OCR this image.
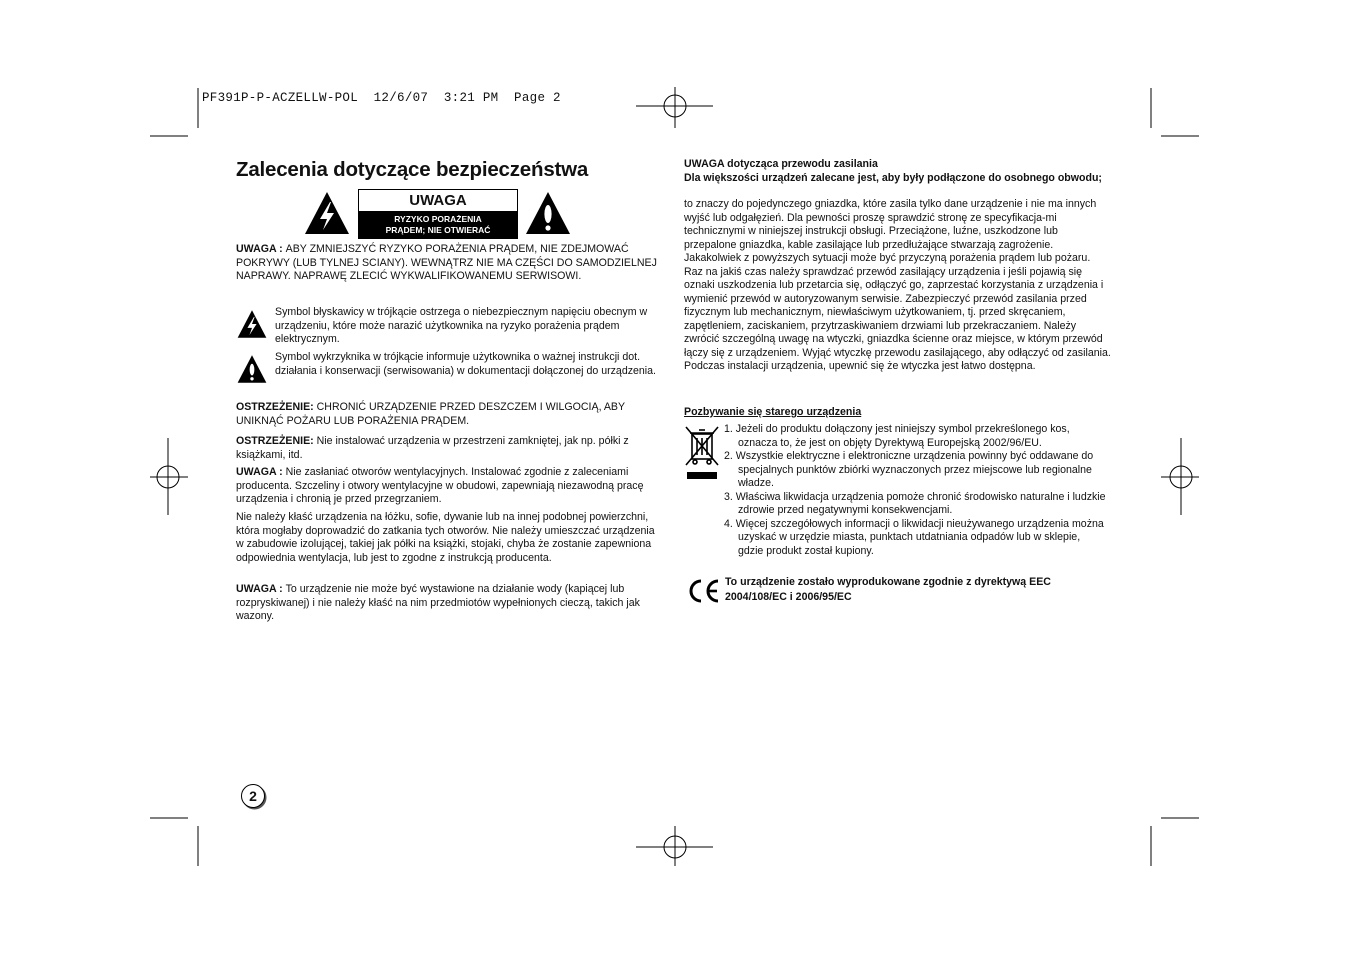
PF391P-P-ACZELLW-POL  12/6/07  3:21 PM  Page 2
Zalecenia dotyczące bezpieczeństwa
UWAGA
RYZYKO PORAŻENIA
PRĄDEM; NIE OTWIERAĆ
UWAGA : ABY ZMNIEJSZYĆ RYZYKO PORAŻENIA PRĄDEM, NIE ZDEJMOWAĆ POKRYWY (LUB TYLNEJ SCIANY). WEWNĄTRZ NIE MA CZĘŚCI DO SAMODZIELNEJ NAPRAWY. NAPRAWĘ ZLECIĆ WYKWALIFIKOWANEMU SERWISOWI.
Symbol błyskawicy w trójkącie ostrzega o niebezpiecznym napięciu obecnym w urządzeniu, które może narazić użytkownika na ryzyko porażenia prądem elektrycznym.
Symbol wykrzyknika w trójkącie informuje użytkownika o ważnej instrukcji dot. działania i konserwacji (serwisowania) w dokumentacji dołączonej do urządzenia.
OSTRZEŻENIE: CHRONIĆ URZĄDZENIE PRZED DESZCZEM I WILGOCIĄ, ABY UNIKNĄĆ POŻARU LUB PORAŻENIA PRĄDEM.
OSTRZEŻENIE: Nie instalować urządzenia w przestrzeni zamkniętej, jak np. półki z książkami, itd.
UWAGA : Nie zasłaniać otworów wentylacyjnych. Instalować zgodnie z zaleceniami producenta. Szczeliny i otwory wentylacyjne w obudowi, zapewniają niezawodną pracę urządzenia i chronią je przed przegrzaniem.
Nie należy kłaść urządzenia na łóżku, sofie, dywanie lub na innej podobnej powierzchni, która mogłaby doprowadzić do zatkania tych otworów. Nie należy umieszczać urządzenia w zabudowie izolującej, takiej jak półki na książki, stojaki, chyba że zostanie zapewniona odpowiednia wentylacja, lub jest to zgodne z instrukcją producenta.
UWAGA : To urządzenie nie może być wystawione na działanie wody (kapiącej lub rozpryskiwanej) i nie należy kłaść na nim przedmiotów wypełnionych cieczą, takich jak wazony.
UWAGA dotycząca przewodu zasilania
Dla większości urządzeń zalecane jest, aby były podłączone do osobnego obwodu;
to znaczy do pojedynczego gniazdka, które zasila tylko dane urządzenie i nie ma innych wyjść lub odgałęzień. Dla pewności proszę sprawdzić stronę ze specyfikacja-mi technicznymi w niniejszej instrukcji obsługi. Przeciążone, luźne, uszkodzone lub przepalone gniazdka, kable zasilające lub przedłużające stwarzają zagrożenie. Jakakolwiek z powyższych sytuacji może być przyczyną porażenia prądem lub pożaru. Raz na jakiś czas należy sprawdzać przewód zasilający urządzenia i jeśli pojawią się oznaki uszkodzenia lub przetarcia się, odłączyć go, zaprzestać korzystania z urządzenia i wymienić przewód w autoryzowanym serwisie. Zabezpieczyć przewód zasilania przed fizycznym lub mechanicznym, niewłaściwym użytkowaniem, tj. przed skręcaniem, zapętleniem, zaciskaniem, przytrzaskiwaniem drzwiami lub przekraczaniem. Należy zwrócić szczególną uwagę na wtyczki, gniazdka ścienne oraz miejsce, w którym przewód łączy się z urządzeniem. Wyjąć wtyczkę przewodu zasilającego, aby odłączyć od zasilania. Podczas instalacji urządzenia, upewnić się że wtyczka jest łatwo dostępna.
Pozbywanie się starego urządzenia
1. Jeżeli do produktu dołączony jest niniejszy symbol przekreślonego kos, oznacza to, że jest on objęty Dyrektywą Europejską 2002/96/EU.
2. Wszystkie elektryczne i elektroniczne urządzenia powinny być oddawane do specjalnych punktów zbiórki wyznaczonych przez miejscowe lub regionalne władze.
3. Właściwa likwidacja urządzenia pomoże chronić środowisko naturalne i ludzkie zdrowie przed negatywnymi konsekwencjami.
4. Więcej szczegółowych informacji o likwidacji nieużywanego urządzenia można uzyskać w urzędzie miasta, punktach utdatniania odpadów lub w sklepie, gdzie produkt został kupiony.
To urządzenie zostało wyprodukowane zgodnie z dyrektywą EEC 2004/108/EC i 2006/95/EC
2
